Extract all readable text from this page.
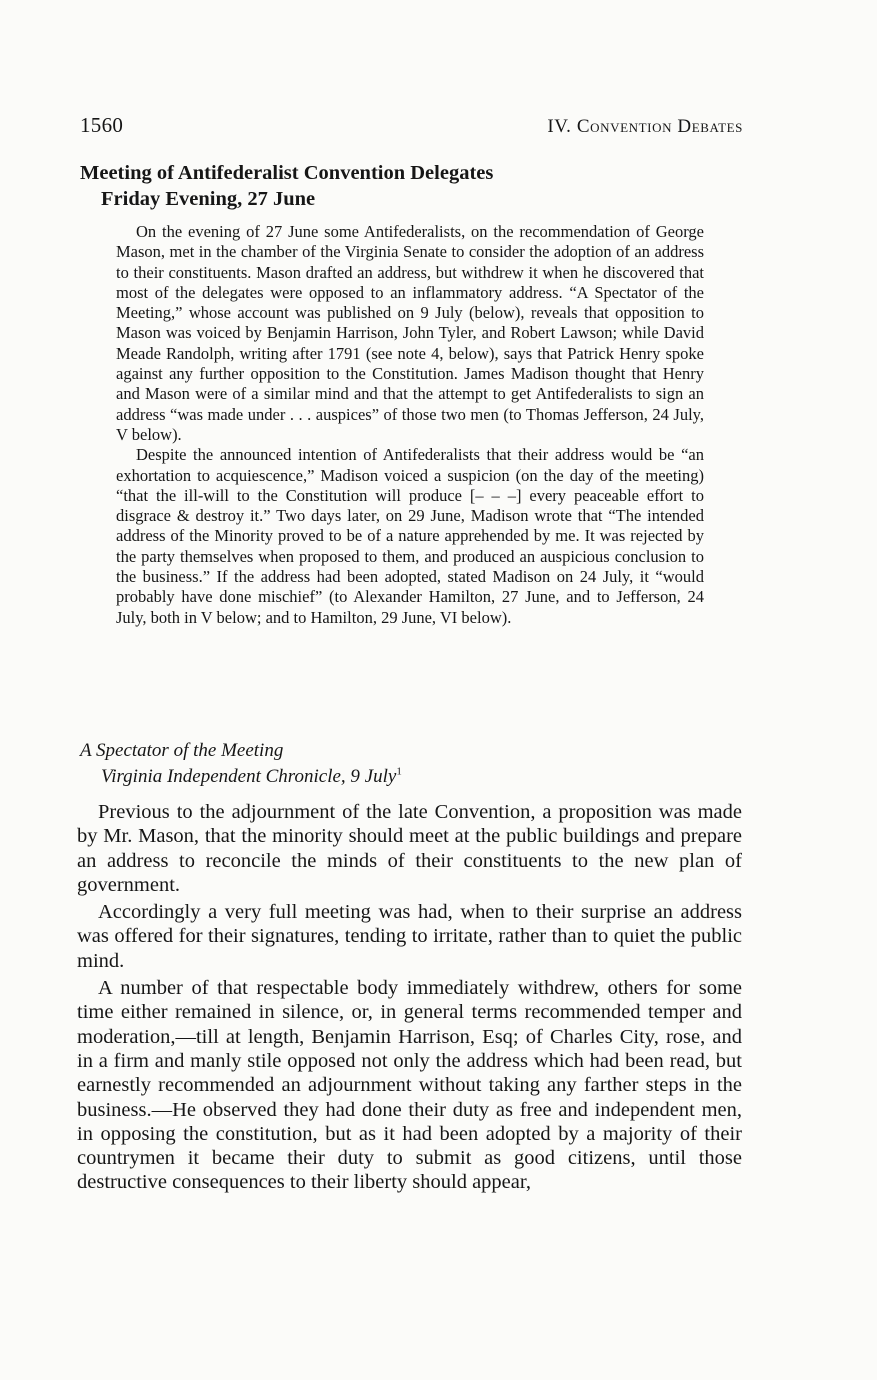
1560	IV. Convention Debates

Meeting of Antifederalist Convention Delegates

Friday Evening, 27 June

On the evening of 27 June some Antifederalists, on the recommendation of George Mason, met in the chamber of the Virginia Senate to consider the adoption of an address to their constituents. Mason drafted an address, but withdrew it when he discovered that most of the delegates were opposed to an inflammatory address. “A Spectator of the Meeting,” whose account was published on 9 July (below), reveals that opposition to Mason was voiced by Benjamin Harrison, John Tyler, and Robert Lawson; while David Meade Randolph, writing after 1791 (see note 4, below), says that Patrick Henry spoke against any further opposition to the Constitution. James Madison thought that Henry and Mason were of a similar mind and that the attempt to get Antifederalists to sign an address “was made under . . . auspices” of those two men (to Thomas Jefferson, 24 July, V below).

Despite the announced intention of Antifederalists that their address would be “an exhortation to acquiescence,” Madison voiced a suspicion (on the day of the meeting) “that the ill-will to the Constitution will produce [– – –] every peaceable effort to disgrace & destroy it.” Two days later, on 29 June, Madison wrote that “The intended address of the Minority proved to be of a nature apprehended by me. It was rejected by the party themselves when proposed to them, and produced an auspicious conclusion to the business.” If the address had been adopted, stated Madison on 24 July, it “would probably have done mischief” (to Alexander Hamilton, 27 June, and to Jefferson, 24 July, both in V below; and to Hamilton, 29 June, VI below).

A Spectator of the Meeting
Virginia Independent Chronicle, 9 July$^1$

Previous to the adjournment of the late Convention, a proposition was made by Mr. Mason, that the minority should meet at the public buildings and prepare an address to reconcile the minds of their constituents to the new plan of government.

Accordingly a very full meeting was had, when to their surprise an address was offered for their signatures, tending to irritate, rather than to quiet the public mind.

A number of that respectable body immediately withdrew, others for some time either remained in silence, or, in general terms recommended temper and moderation,—till at length, Benjamin Harrison, Esq; of Charles City, rose, and in a firm and manly stile opposed not only the address which had been read, but earnestly recommended an adjournment without taking any farther steps in the business.—He observed they had done their duty as free and independent men, in opposing the constitution, but as it had been adopted by a majority of their countrymen it became their duty to submit as good citizens, until those destructive consequences to their liberty should appear,
